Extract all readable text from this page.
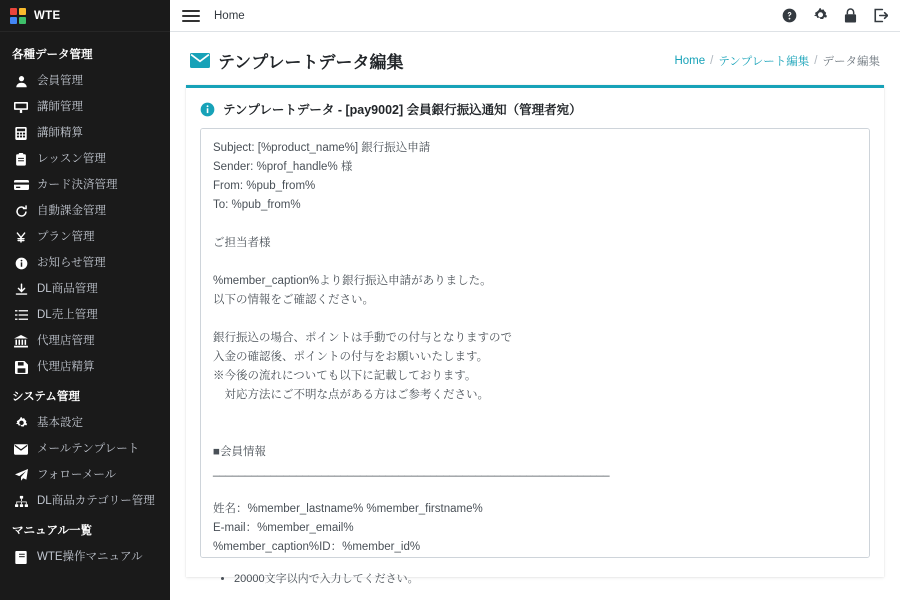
WTE
各種データ管理
会員管理
講師管理
講師精算
レッスン管理
カード決済管理
自動課金管理
プラン管理
お知らせ管理
DL商品管理
DL売上管理
代理店管理
代理店精算
システム管理
基本設定
メールテンプレート
フォローメール
DL商品カテゴリー管理
マニュアル一覧
WTE操作マニュアル
Home
テンプレートデータ編集	Home / テンプレート編集 / データ編集
テンプレートデータ - [pay9002] 会員銀行振込通知（管理者宛）
Subject: [%product_name%] 銀行振込申請 Sender: %prof_handle% 様 From: %pub_from% To: %pub_from% ご担当者様 %member_caption%より銀行振込申請がありました。 以下の情報をご確認ください。 銀行振込の場合、ポイントは手動での付与となりますので 入金の確認後、ポイントの付与をお願いいたします。 ※今後の流れについても以下に記載しております。 　対応方法にご不明な点がある方はご参考ください。 ■会員情報 ______________________________________________________________ 姓名：%member_lastname% %member_firstname% E-mail：%member_email% %member_caption%ID：%member_id% ■申請内容 ______________________________________________________________ プラン： %pln_title%（%pln_point_with_comma% pt／%pln_price_with_comma% 円） お振込名（カナ）： %kana% お振込予定日： %date%
• 20000文字以内で入力してください。
